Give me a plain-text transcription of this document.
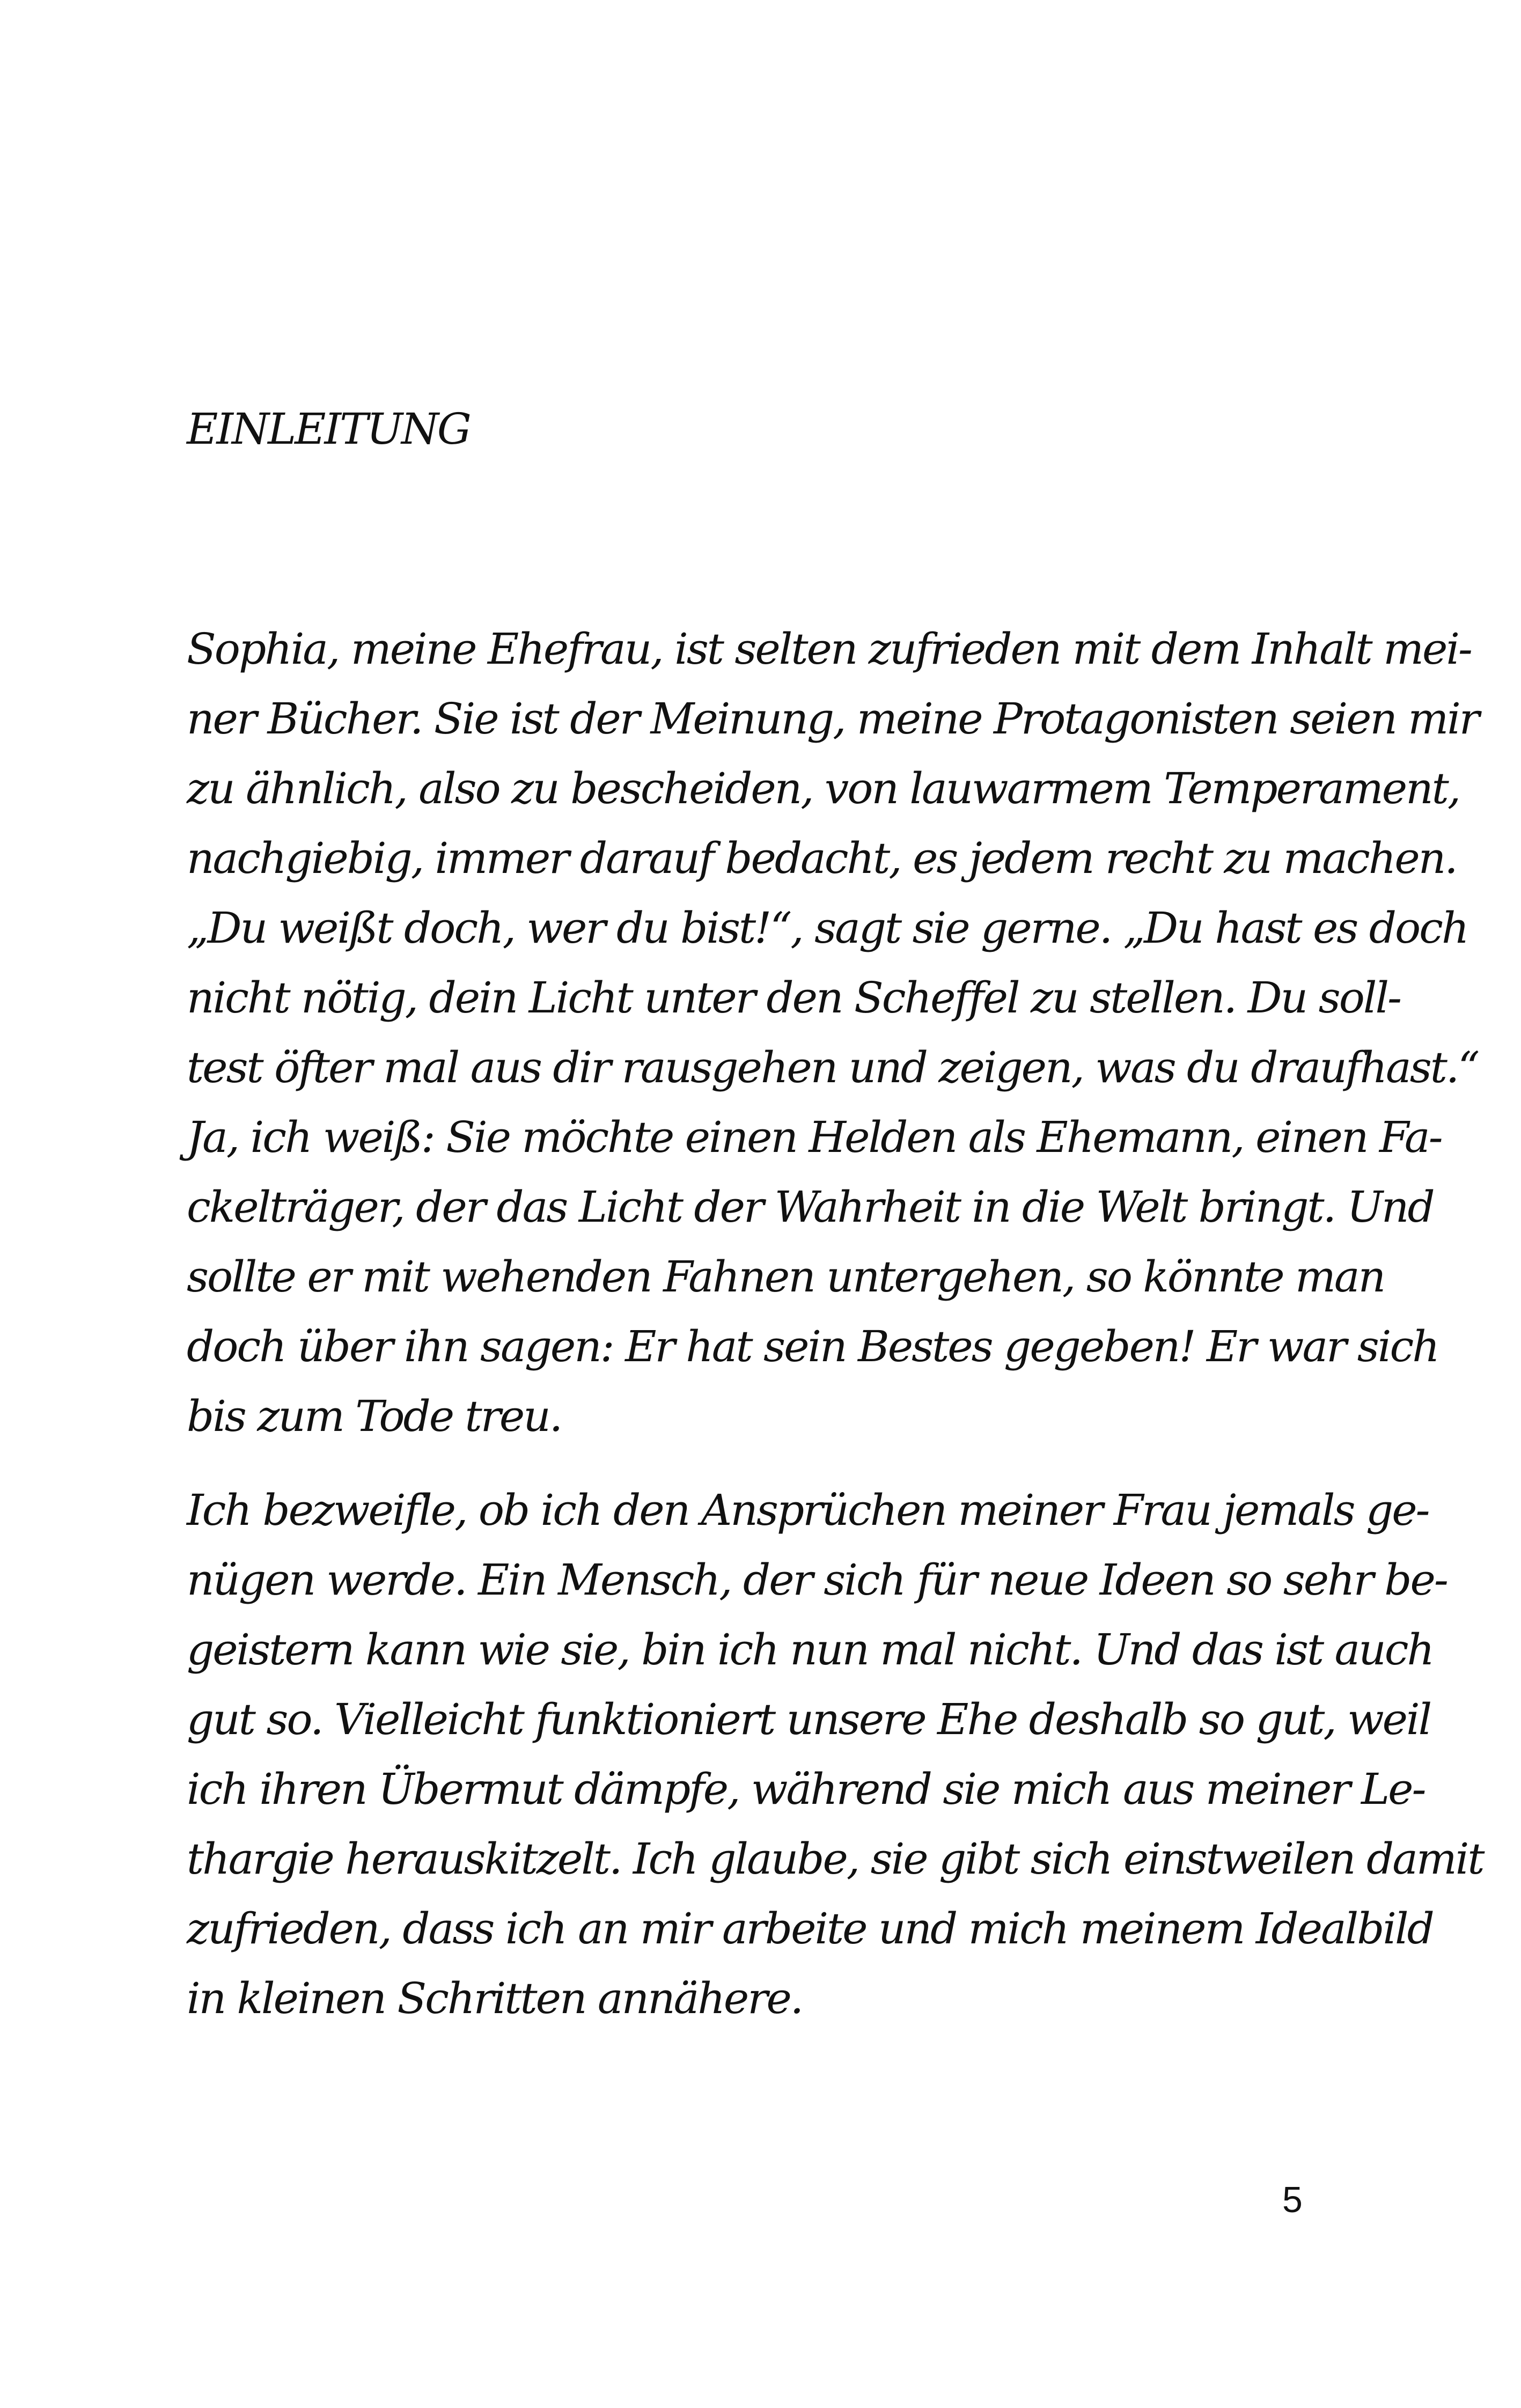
EINLEITUNG
Sophia, meine Ehefrau, ist selten zufrieden mit dem Inhalt mei-
ner Bücher. Sie ist der Meinung, meine Protagonisten seien mir
zu ähnlich, also zu bescheiden, von lauwarmem Temperament,
nachgiebig, immer darauf bedacht, es jedem recht zu machen.
„Du weißt doch, wer du bist!“, sagt sie gerne. „Du hast es doch
nicht nötig, dein Licht unter den Scheffel zu stellen. Du soll-
test öfter mal aus dir rausgehen und zeigen, was du draufhast.“
Ja, ich weiß: Sie möchte einen Helden als Ehemann, einen Fa-
ckelträger, der das Licht der Wahrheit in die Welt bringt. Und
sollte er mit wehenden Fahnen untergehen, so könnte man
doch über ihn sagen: Er hat sein Bestes gegeben! Er war sich
bis zum Tode treu.
Ich bezweifle, ob ich den Ansprüchen meiner Frau jemals ge-
nügen werde. Ein Mensch, der sich für neue Ideen so sehr be-
geistern kann wie sie, bin ich nun mal nicht. Und das ist auch
gut so. Vielleicht funktioniert unsere Ehe deshalb so gut, weil
ich ihren Übermut dämpfe, während sie mich aus meiner Le-
thargie herauskitzelt. Ich glaube, sie gibt sich einstweilen damit
zufrieden, dass ich an mir arbeite und mich meinem Idealbild
in kleinen Schritten annähere.

5
